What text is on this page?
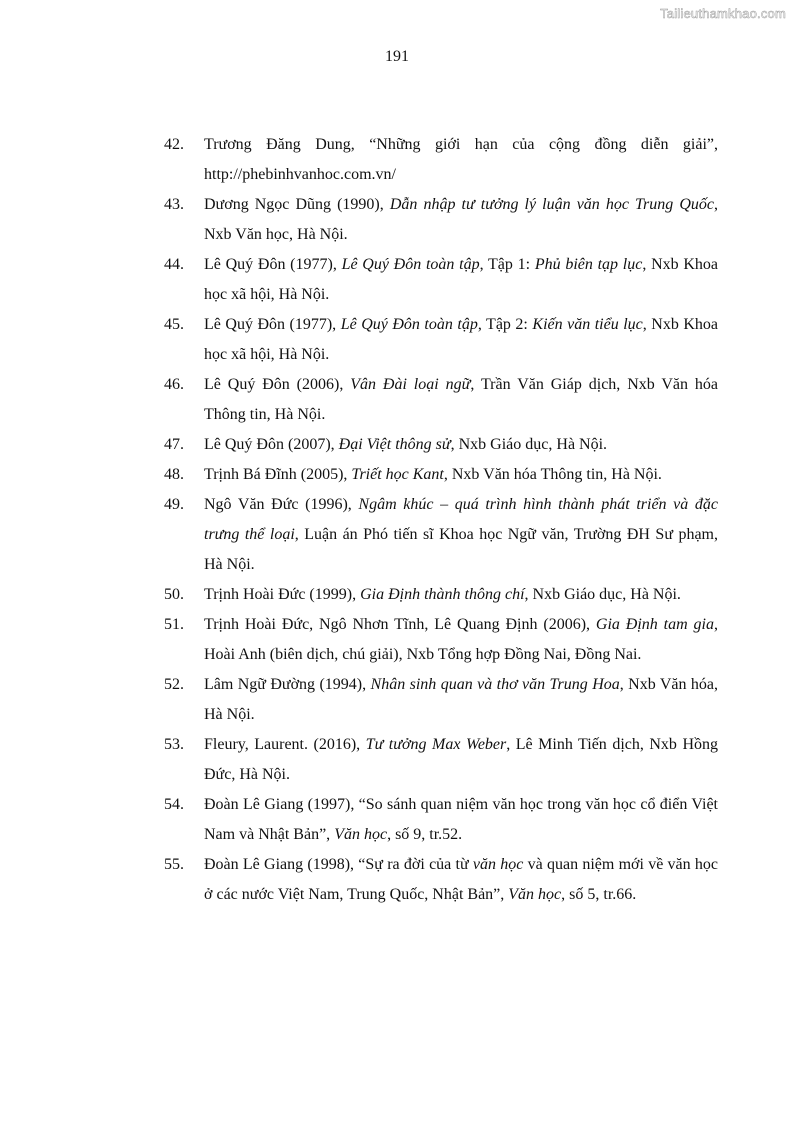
Tailieuthamkhao.com
191
42. Trương Đăng Dung, “Những giới hạn của cộng đồng diễn giải”, http://phebinhvanhoc.com.vn/
43. Dương Ngọc Dũng (1990), Dẫn nhập tư tưởng lý luận văn học Trung Quốc, Nxb Văn học, Hà Nội.
44. Lê Quý Đôn (1977), Lê Quý Đôn toàn tập, Tập 1: Phủ biên tạp lục, Nxb Khoa học xã hội, Hà Nội.
45. Lê Quý Đôn (1977), Lê Quý Đôn toàn tập, Tập 2: Kiến văn tiểu lục, Nxb Khoa học xã hội, Hà Nội.
46. Lê Quý Đôn (2006), Vân Đài loại ngữ, Trần Văn Giáp dịch, Nxb Văn hóa Thông tin, Hà Nội.
47. Lê Quý Đôn (2007), Đại Việt thông sử, Nxb Giáo dục, Hà Nội.
48. Trịnh Bá Đĩnh (2005), Triết học Kant, Nxb Văn hóa Thông tin, Hà Nội.
49. Ngô Văn Đức (1996), Ngâm khúc – quá trình hình thành phát triển và đặc trưng thể loại, Luận án Phó tiến sĩ Khoa học Ngữ văn, Trường ĐH Sư phạm, Hà Nội.
50. Trịnh Hoài Đức (1999), Gia Định thành thông chí, Nxb Giáo dục, Hà Nội.
51. Trịnh Hoài Đức, Ngô Nhơn Tĩnh, Lê Quang Định (2006), Gia Định tam gia, Hoài Anh (biên dịch, chú giải), Nxb Tổng hợp Đồng Nai, Đồng Nai.
52. Lâm Ngữ Đường (1994), Nhân sinh quan và thơ văn Trung Hoa, Nxb Văn hóa, Hà Nội.
53. Fleury, Laurent. (2016), Tư tưởng Max Weber, Lê Minh Tiến dịch, Nxb Hồng Đức, Hà Nội.
54. Đoàn Lê Giang (1997), “So sánh quan niệm văn học trong văn học cổ điển Việt Nam và Nhật Bản”, Văn học, số 9, tr.52.
55. Đoàn Lê Giang (1998), “Sự ra đời của từ văn học và quan niệm mới về văn học ở các nước Việt Nam, Trung Quốc, Nhật Bản”, Văn học, số 5, tr.66.
